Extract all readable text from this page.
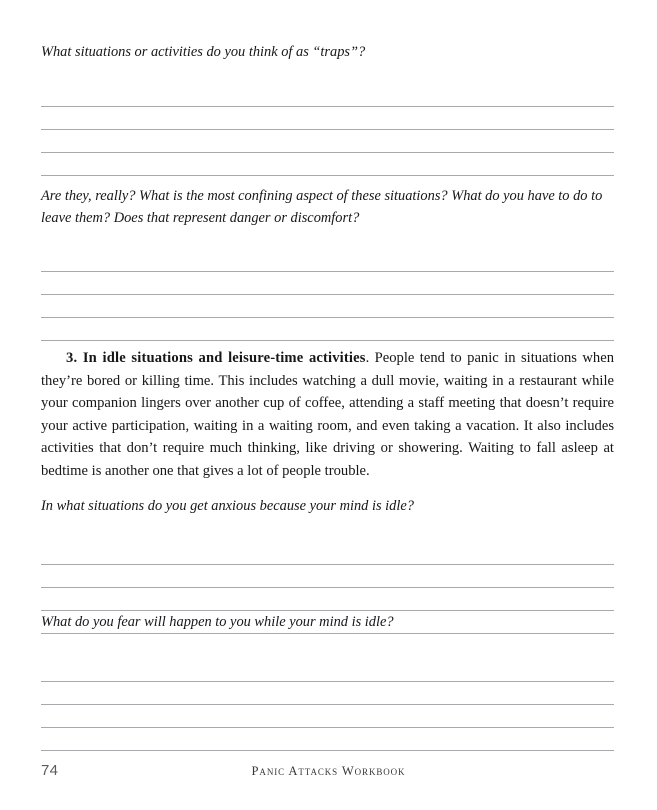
What situations or activities do you think of as “traps”?

Are they, really? What is the most confining aspect of these situations? What do you have to do to leave them? Does that represent danger or discomfort?

3. In idle situations and leisure-time activities. People tend to panic in situations when they’re bored or killing time. This includes watching a dull movie, waiting in a restaurant while your companion lingers over another cup of coffee, attending a staff meeting that doesn’t require your active participation, waiting in a waiting room, and even taking a vacation. It also includes activities that don’t require much thinking, like driving or showering. Waiting to fall asleep at bedtime is another one that gives a lot of people trouble.

In what situations do you get anxious because your mind is idle?

What do you fear will happen to you while your mind is idle?

74	Panic Attacks Workbook
